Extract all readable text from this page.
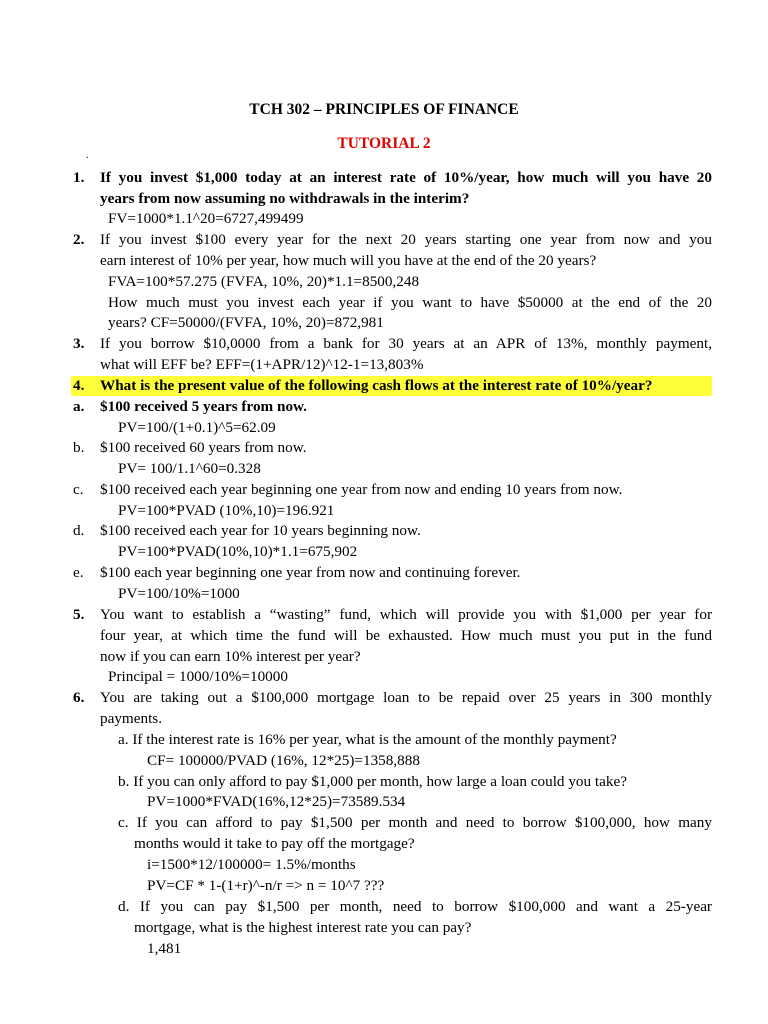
TCH 302 – PRINCIPLES OF FINANCE
TUTORIAL 2
.
1. If you invest $1,000 today at an interest rate of 10%/year, how much will you have 20
years from now assuming no withdrawals in the interim?
FV=1000*1.1^20=6727,499499
2. If you invest $100 every year for the next 20 years starting one year from now and you
earn interest of 10% per year, how much will you have at the end of the 20 years?
FVA=100*57.275 (FVFA, 10%, 20)*1.1=8500,248
How much must you invest each year if you want to have $50000 at the end of the 20
years? CF=50000/(FVFA, 10%, 20)=872,981
3. If you borrow $10,0000 from a bank for 30 years at an APR of 13%, monthly payment,
what will EFF be? EFF=(1+APR/12)^12-1=13,803%
4. What is the present value of the following cash flows at the interest rate of 10%/year?
a. $100 received 5 years from now.
PV=100/(1+0.1)^5=62.09
b. $100 received 60 years from now.
PV= 100/1.1^60=0.328
c. $100 received each year beginning one year from now and ending 10 years from now.
PV=100*PVAD (10%,10)=196.921
d. $100 received each year for 10 years beginning now.
PV=100*PVAD(10%,10)*1.1=675,902
e. $100 each year beginning one year from now and continuing forever.
PV=100/10%=1000
5. You want to establish a “wasting” fund, which will provide you with $1,000 per year for
four year, at which time the fund will be exhausted. How much must you put in the fund
now if you can earn 10% interest per year?
Principal = 1000/10%=10000
6. You are taking out a $100,000 mortgage loan to be repaid over 25 years in 300 monthly
payments.
a. If the interest rate is 16% per year, what is the amount of the monthly payment?
CF= 100000/PVAD (16%, 12*25)=1358,888
b. If you can only afford to pay $1,000 per month, how large a loan could you take?
PV=1000*FVAD(16%,12*25)=73589.534
c. If you can afford to pay $1,500 per month and need to borrow $100,000, how many
months would it take to pay off the mortgage?
i=1500*12/100000= 1.5%/months
PV=CF * 1-(1+r)^-n/r => n = 10^7 ???
d. If you can pay $1,500 per month, need to borrow $100,000 and want a 25-year
mortgage, what is the highest interest rate you can pay?
1,481
